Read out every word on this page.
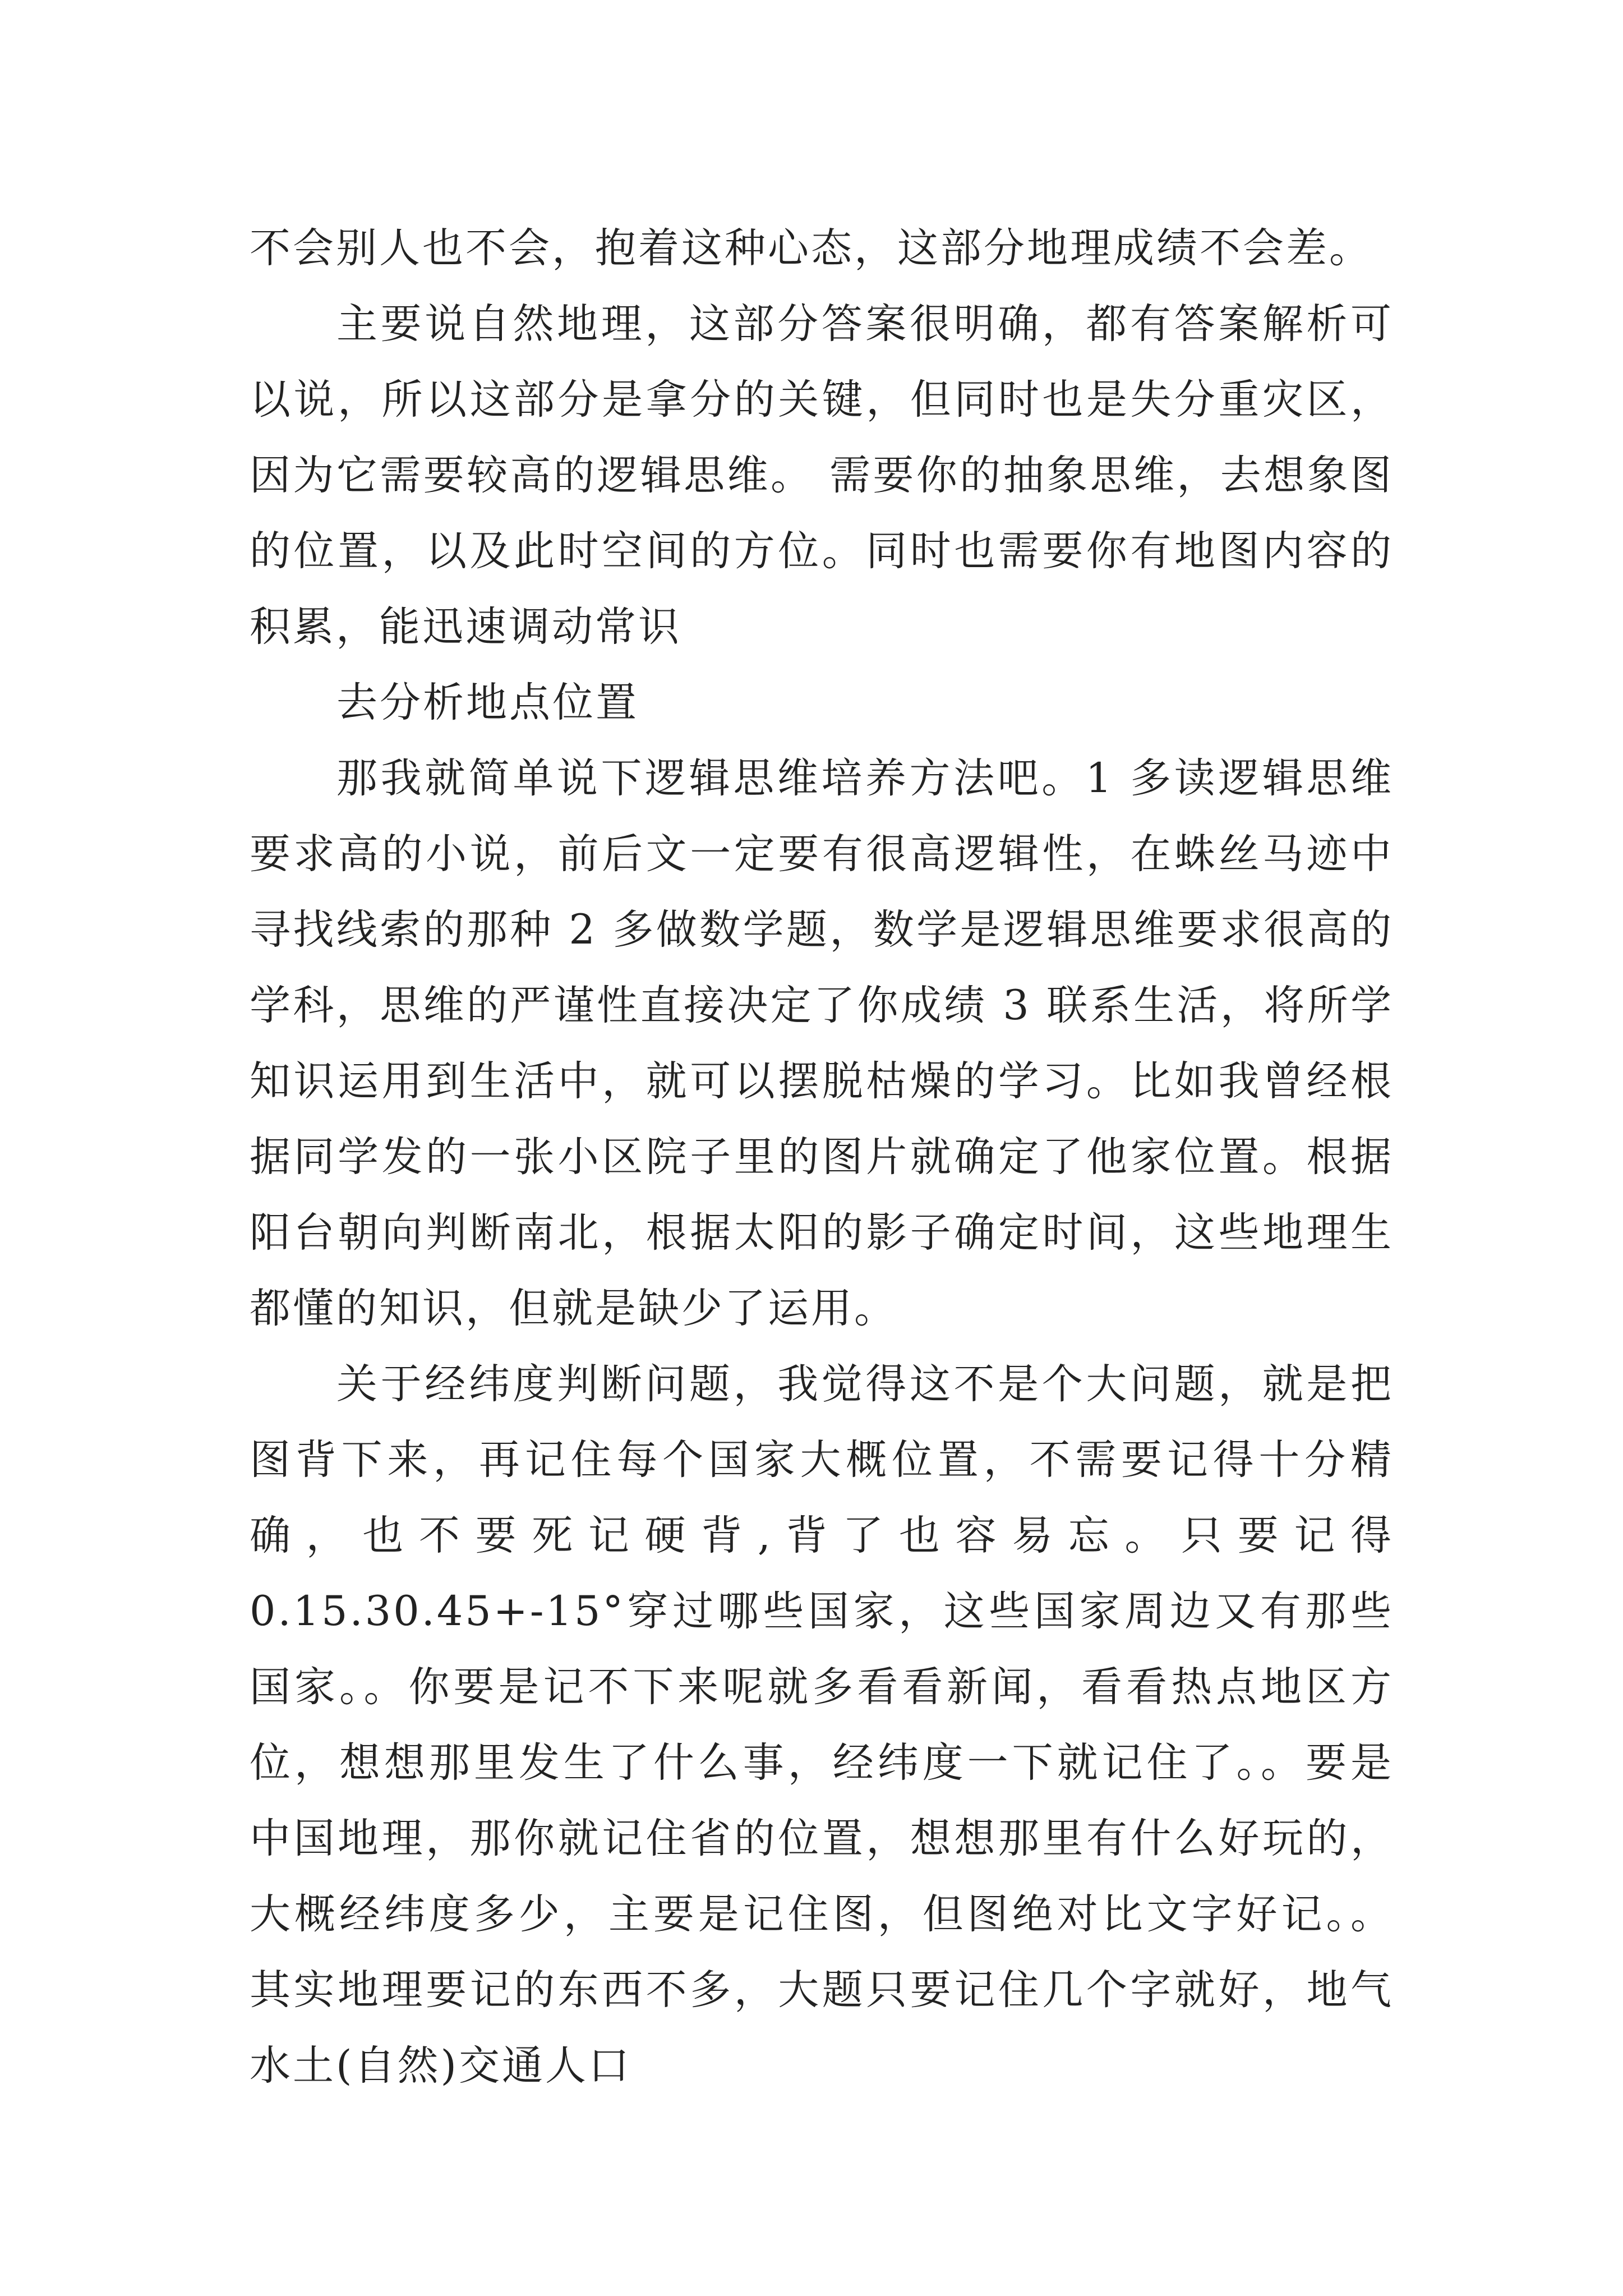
不会别人也不会，抱着这种心态，这部分地理成绩不会差。

主要说自然地理，这部分答案很明确，都有答案解析可以说，所以这部分是拿分的关键，但同时也是失分重灾区，因为它需要较高的逻辑思维。 需要你的抽象思维，去想象图的位置，以及此时空间的方位。同时也需要你有地图内容的积累，能迅速调动常识

去分析地点位置

那我就简单说下逻辑思维培养方法吧。1 多读逻辑思维要求高的小说，前后文一定要有很高逻辑性，在蛛丝马迹中寻找线索的那种 2 多做数学题，数学是逻辑思维要求很高的学科，思维的严谨性直接决定了你成绩 3 联系生活，将所学知识运用到生活中，就可以摆脱枯燥的学习。比如我曾经根据同学发的一张小区院子里的图片就确定了他家位置。根据阳台朝向判断南北，根据太阳的影子确定时间，这些地理生都懂的知识，但就是缺少了运用。

关于经纬度判断问题，我觉得这不是个大问题，就是把图背下来，再记住每个国家大概位置，不需要记得十分精确，也不要死记硬背,背了也容易忘。只要记得 0.15.30.45+-15°穿过哪些国家，这些国家周边又有那些国家。。你要是记不下来呢就多看看新闻，看看热点地区方位，想想那里发生了什么事，经纬度一下就记住了。。要是中国地理，那你就记住省的位置，想想那里有什么好玩的，大概经纬度多少，主要是记住图，但图绝对比文字好记。。其实地理要记的东西不多，大题只要记住几个字就好，地气水土(自然)交通人口
